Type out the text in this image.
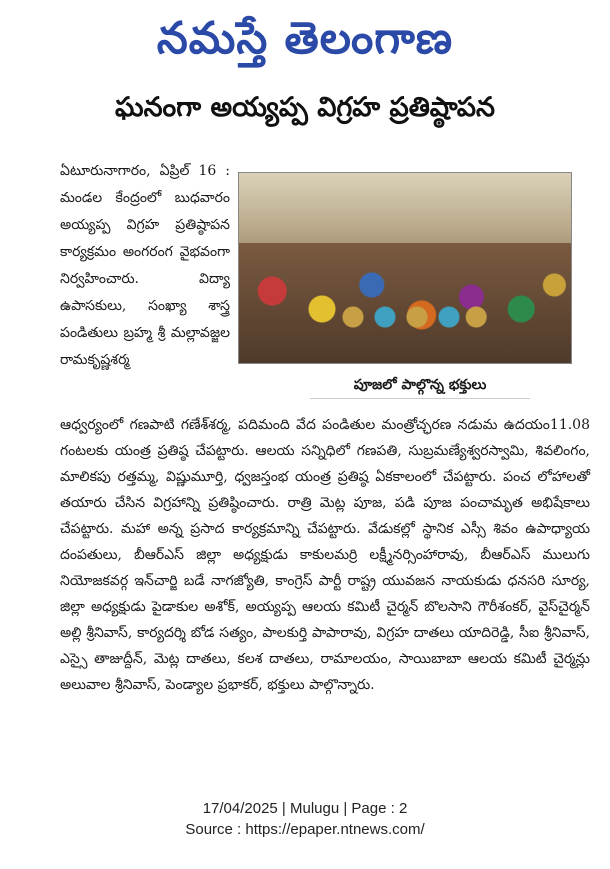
నమస్తే తెలంగాణ
ఘనంగా అయ్యప్ప విగ్రహ ప్రతిష్ఠాపన

ఏటూరునాగారం, ఏప్రిల్ 16 : మండల కేంద్రంలో బుధవారం అయ్యప్ప విగ్రహ ప్రతిష్ఠాపన కార్యక్రమం అంగరంగ వైభవంగా నిర్వహించారు. విద్యా ఉపాసకులు, సంఖ్యా శాస్త్ర పండితులు బ్రహ్మ శ్రీ మల్లావజ్జల రామకృష్ణశర్మ

పూజలో పాల్గొన్న భక్తులు

ఆధ్వర్యంలో గణపాటి గణేశ్‌శర్మ, పదిమంది వేద పండితుల మంత్రోచ్ఛరణ నడుమ ఉదయం11.08 గంటలకు యంత్ర ప్రతిష్ఠ చేపట్టారు. ఆలయ సన్నిధిలో గణపతి, సుబ్రమణ్యేశ్వరస్వామి, శివలింగం, మాలికపు రత్తమ్మ, విష్ణుమూర్తి, ధ్వజస్తంభ యంత్ర ప్రతిష్ఠ ఏకకాలంలో చేపట్టారు. పంచ లోహాలతో తయారు చేసిన విగ్రహాన్ని ప్రతిష్ఠించారు. రాత్రి మెట్ల పూజ, పడి పూజ పంచామృత అభిషేకాలు చేపట్టారు. మహా అన్న ప్రసాద కార్యక్రమాన్ని చేపట్టారు. వేడుకల్లో స్థానిక ఎస్సీ శివం ఉపాధ్యాయ దంపతులు, బీఆర్ఎస్ జిల్లా అధ్యక్షుడు కాకులమర్రి లక్ష్మీనర్సింహారావు, బీఆర్ఎస్ ములుగు నియోజకవర్గ ఇన్‌చార్జి బడే నాగజ్యోతి, కాంగ్రెస్ పార్టీ రాష్ట్ర యువజన నాయకుడు ధనసరి సూర్య, జిల్లా అధ్యక్షుడు పైడాకుల అశోక్, అయ్యప్ప ఆలయ కమిటీ చైర్మన్ బొలసాని గౌరీశంకర్, వైస్‌చైర్మన్ అల్లి శ్రీనివాస్, కార్యదర్శి బోడ సత్యం, పాలకుర్తి పాపారావు, విగ్రహ దాతలు యాదిరెడ్డి, సీఐ శ్రీనివాస్, ఎస్సై తాజుద్దీన్, మెట్ల దాతలు, కలశ దాతలు, రామాలయం, సాయిబాబా ఆలయ కమిటీ చైర్మన్లు అలువాల శ్రీనివాస్, పెండ్యాల ప్రభాకర్, భక్తులు పాల్గొన్నారు.

17/04/2025 | Mulugu | Page : 2
Source : https://epaper.ntnews.com/
